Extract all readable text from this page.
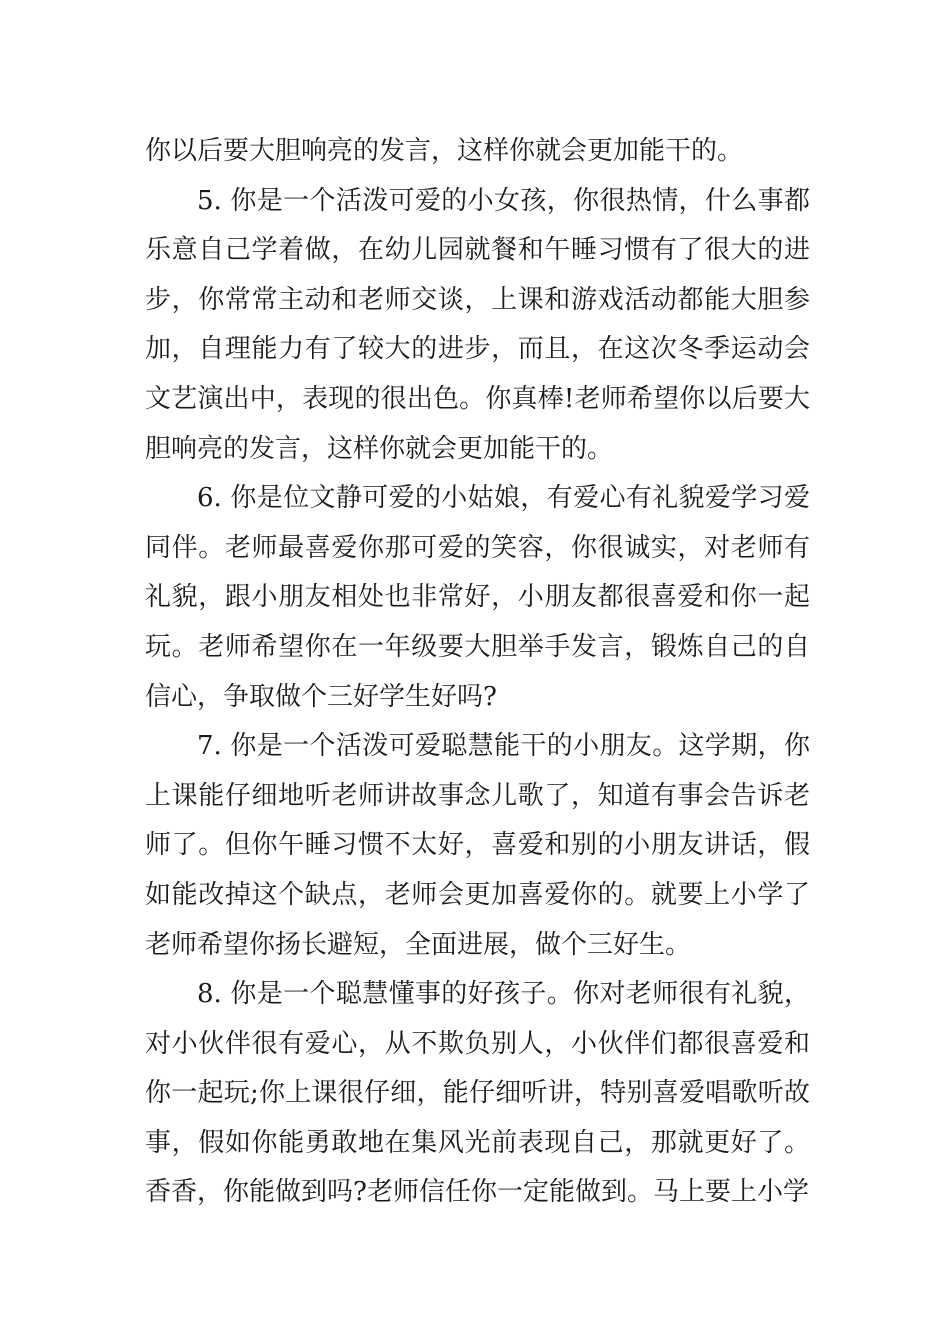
你以后要大胆响亮的发言，这样你就会更加能干的。

5. 你是一个活泼可爱的小女孩，你很热情，什么事都乐意自己学着做，在幼儿园就餐和午睡习惯有了很大的进步，你常常主动和老师交谈，上课和游戏活动都能大胆参加，自理能力有了较大的进步，而且，在这次冬季运动会文艺演出中，表现的很出色。你真棒!老师希望你以后要大胆响亮的发言，这样你就会更加能干的。

6. 你是位文静可爱的小姑娘，有爱心有礼貌爱学习爱同伴。老师最喜爱你那可爱的笑容，你很诚实，对老师有礼貌，跟小朋友相处也非常好，小朋友都很喜爱和你一起玩。老师希望你在一年级要大胆举手发言，锻炼自己的自信心，争取做个三好学生好吗?

7. 你是一个活泼可爱聪慧能干的小朋友。这学期，你上课能仔细地听老师讲故事念儿歌了，知道有事会告诉老师了。但你午睡习惯不太好，喜爱和别的小朋友讲话，假如能改掉这个缺点，老师会更加喜爱你的。就要上小学了老师希望你扬长避短，全面进展，做个三好生。

8. 你是一个聪慧懂事的好孩子。你对老师很有礼貌，对小伙伴很有爱心，从不欺负别人，小伙伴们都很喜爱和你一起玩;你上课很仔细，能仔细听讲，特别喜爱唱歌听故事，假如你能勇敢地在集风光前表现自己，那就更好了。香香，你能做到吗?老师信任你一定能做到。马上要上小学
